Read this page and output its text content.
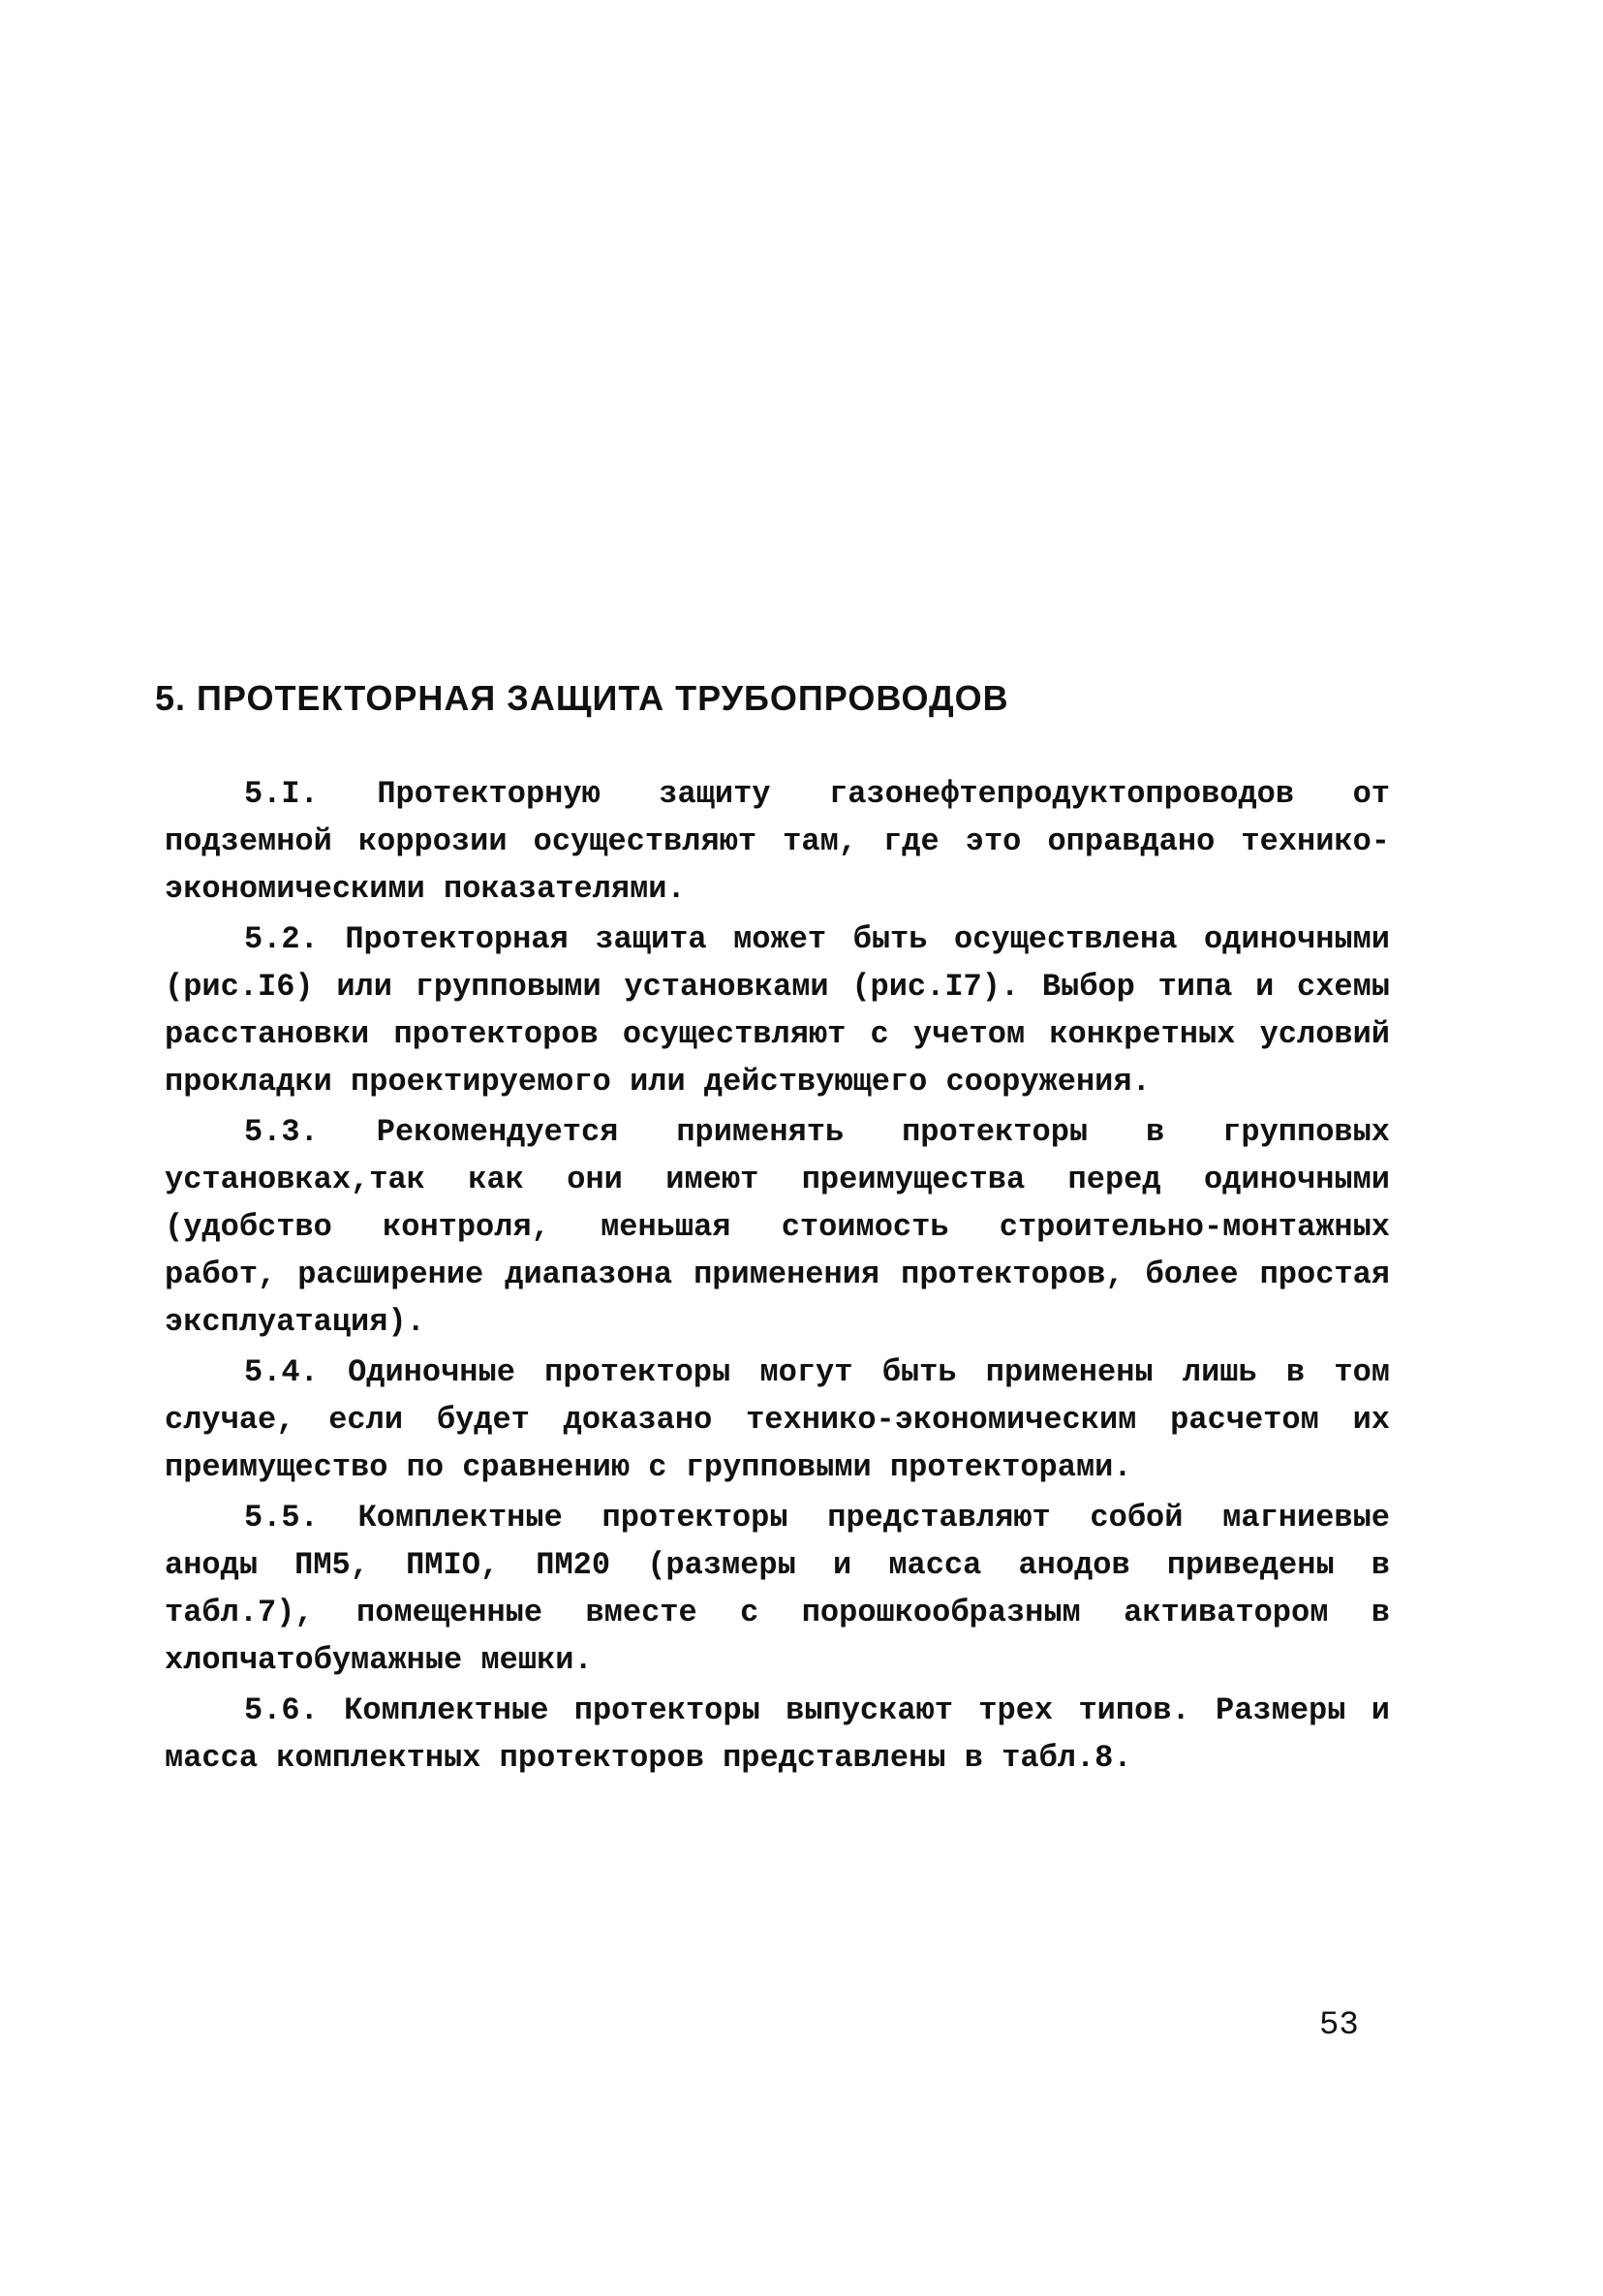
5. ПРОТЕКТОРНАЯ ЗАЩИТА ТРУБОПРОВОДОВ

5.I. Протекторную защиту газонефтепродуктопроводов от подземной коррозии осуществляют там, где это оправдано технико-экономическими показателями.

5.2. Протекторная защита может быть осуществлена одиночными (рис.I6) или групповыми установками (рис.I7). Выбор типа и схемы расстановки протекторов осуществляют с учетом конкретных условий прокладки проектируемого или действующего сооружения.

5.3. Рекомендуется применять протекторы в групповых установках,так как они имеют преимущества перед одиночными (удобство контроля, меньшая стоимость строительно-монтажных работ, расширение диапазона применения протекторов, более простая эксплуатация).

5.4. Одиночные протекторы могут быть применены лишь в том случае, если будет доказано технико-экономическим расчетом их преимущество по сравнению с групповыми протекторами.

5.5. Комплектные протекторы представляют собой магниевые аноды ПМ5, ПМIО, ПМ20 (размеры и масса анодов приведены в табл.7), помещенные вместе с порошкообразным активатором в хлопчатобумажные мешки.

5.6. Комплектные протекторы выпускают трех типов. Размеры и масса комплектных протекторов представлены в табл.8.

53
